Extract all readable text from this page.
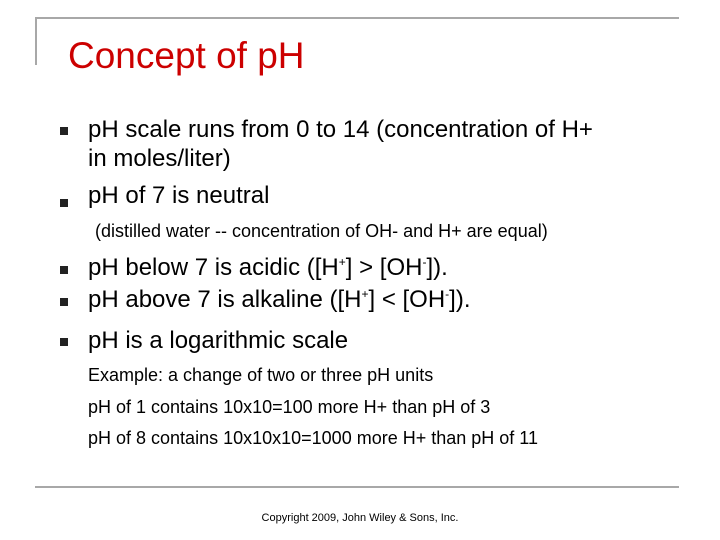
Concept of pH
pH scale runs from 0 to 14 (concentration of H+
in moles/liter)
pH of 7 is neutral
(distilled water -- concentration of OH- and H+ are equal)
pH below 7 is acidic ([H+] > [OH-]).
pH above 7 is alkaline ([H+] < [OH-]).
pH is a logarithmic scale
Example: a change of two or three pH units
pH of 1 contains 10x10=100 more H+ than pH of 3
pH of 8 contains 10x10x10=1000 more H+ than pH of 11
Copyright 2009, John Wiley & Sons, Inc.
